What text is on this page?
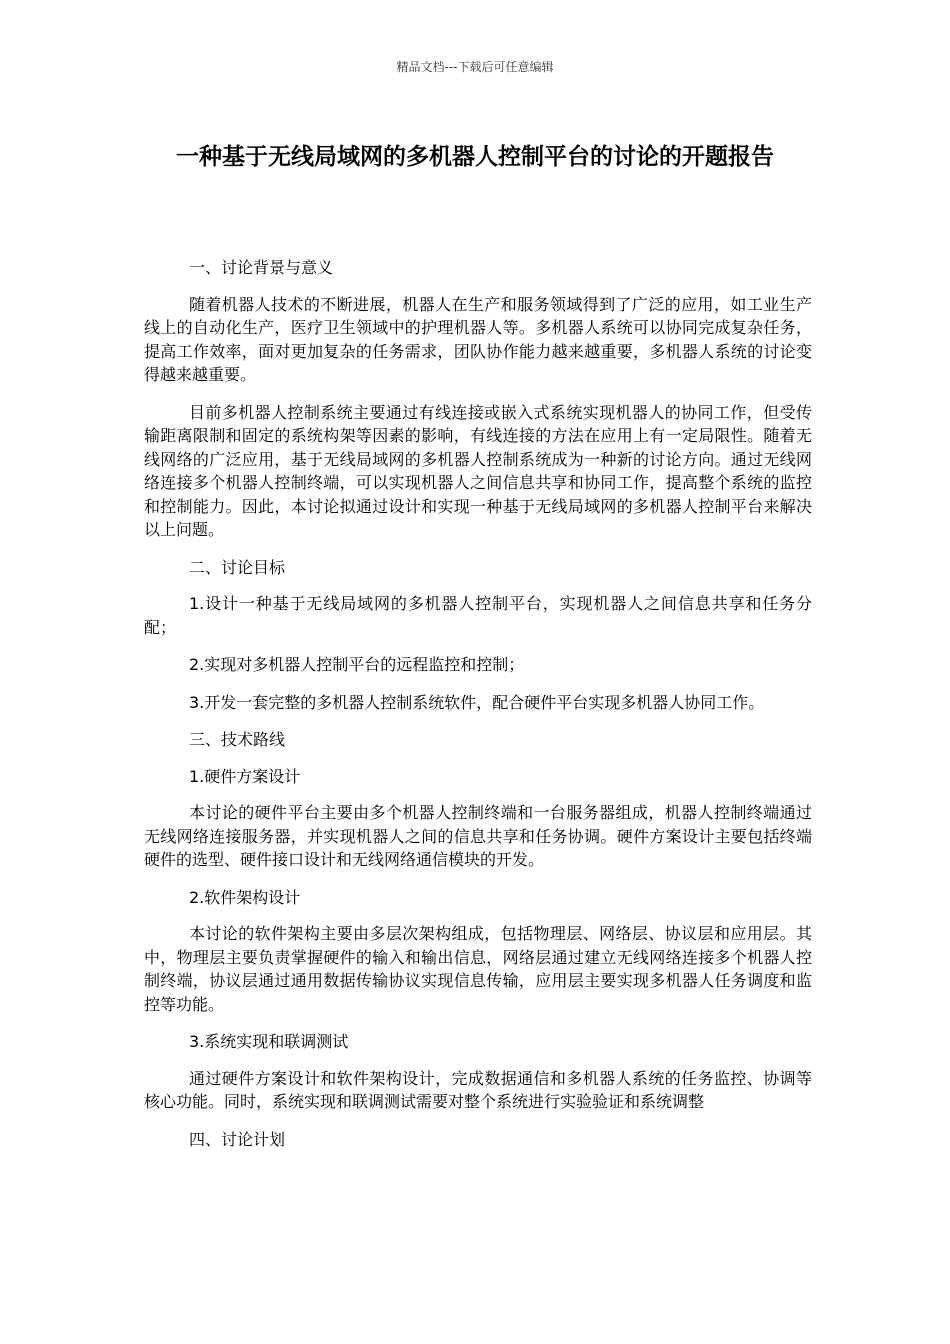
精品文档---下载后可任意编辑
一种基于无线局域网的多机器人控制平台的讨论的开题报告

一、讨论背景与意义

随着机器人技术的不断进展，机器人在生产和服务领域得到了广泛的应用，如工业生产线上的自动化生产，医疗卫生领域中的护理机器人等。多机器人系统可以协同完成复杂任务，提高工作效率，面对更加复杂的任务需求，团队协作能力越来越重要，多机器人系统的讨论变得越来越重要。

目前多机器人控制系统主要通过有线连接或嵌入式系统实现机器人的协同工作，但受传输距离限制和固定的系统构架等因素的影响，有线连接的方法在应用上有一定局限性。随着无线网络的广泛应用，基于无线局域网的多机器人控制系统成为一种新的讨论方向。通过无线网络连接多个机器人控制终端，可以实现机器人之间信息共享和协同工作，提高整个系统的监控和控制能力。因此，本讨论拟通过设计和实现一种基于无线局域网的多机器人控制平台来解决以上问题。

二、讨论目标

1.设计一种基于无线局域网的多机器人控制平台，实现机器人之间信息共享和任务分配；

2.实现对多机器人控制平台的远程监控和控制；

3.开发一套完整的多机器人控制系统软件，配合硬件平台实现多机器人协同工作。

三、技术路线

1.硬件方案设计

本讨论的硬件平台主要由多个机器人控制终端和一台服务器组成，机器人控制终端通过无线网络连接服务器，并实现机器人之间的信息共享和任务协调。硬件方案设计主要包括终端硬件的选型、硬件接口设计和无线网络通信模块的开发。

2.软件架构设计

本讨论的软件架构主要由多层次架构组成，包括物理层、网络层、协议层和应用层。其中，物理层主要负责掌握硬件的输入和输出信息，网络层通过建立无线网络连接多个机器人控制终端，协议层通过通用数据传输协议实现信息传输，应用层主要实现多机器人任务调度和监控等功能。

3.系统实现和联调测试

通过硬件方案设计和软件架构设计，完成数据通信和多机器人系统的任务监控、协调等核心功能。同时，系统实现和联调测试需要对整个系统进行实验验证和系统调整

四、讨论计划
